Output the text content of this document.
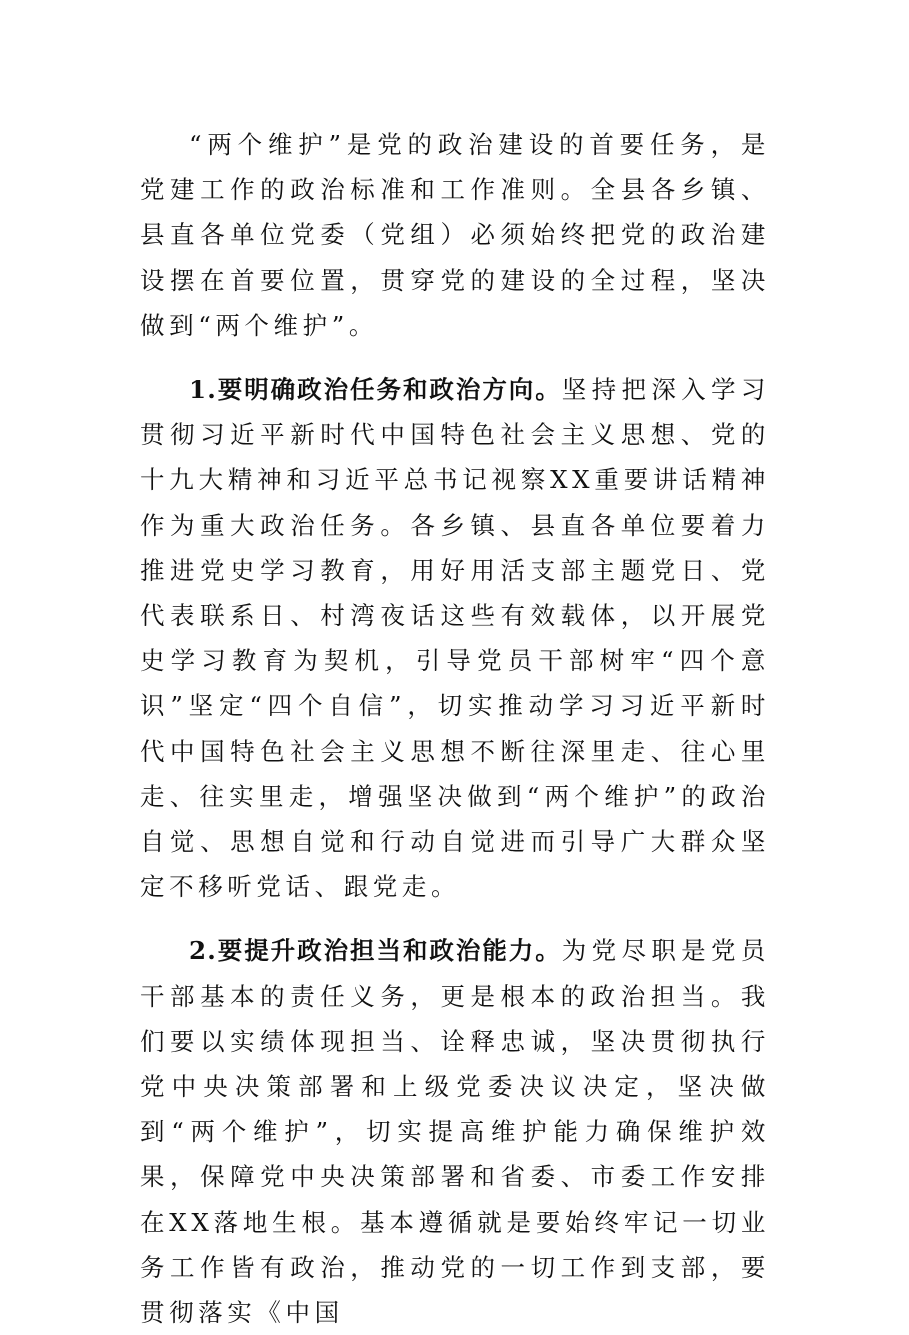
“两个维护”是党的政治建设的首要任务，是党建工作的政治标准和工作准则。全县各乡镇、县直各单位党委（党组）必须始终把党的政治建设摆在首要位置，贯穿党的建设的全过程，坚决做到“两个维护”。

1.要明确政治任务和政治方向。坚持把深入学习贯彻习近平新时代中国特色社会主义思想、党的十九大精神和习近平总书记视察XX重要讲话精神作为重大政治任务。各乡镇、县直各单位要着力推进党史学习教育，用好用活支部主题党日、党代表联系日、村湾夜话这些有效载体，以开展党史学习教育为契机，引导党员干部树牢“四个意识”坚定“四个自信”，切实推动学习习近平新时代中国特色社会主义思想不断往深里走、往心里走、往实里走，增强坚决做到“两个维护”的政治自觉、思想自觉和行动自觉进而引导广大群众坚定不移听党话、跟党走。

2.要提升政治担当和政治能力。为党尽职是党员干部基本的责任义务，更是根本的政治担当。我们要以实绩体现担当、诠释忠诚，坚决贯彻执行党中央决策部署和上级党委决议决定，坚决做到“两个维护”，切实提高维护能力确保维护效果，保障党中央决策部署和省委、市委工作安排在XX落地生根。基本遵循就是要始终牢记一切业务工作皆有政治，推动党的一切工作到支部，要贯彻落实《中国
